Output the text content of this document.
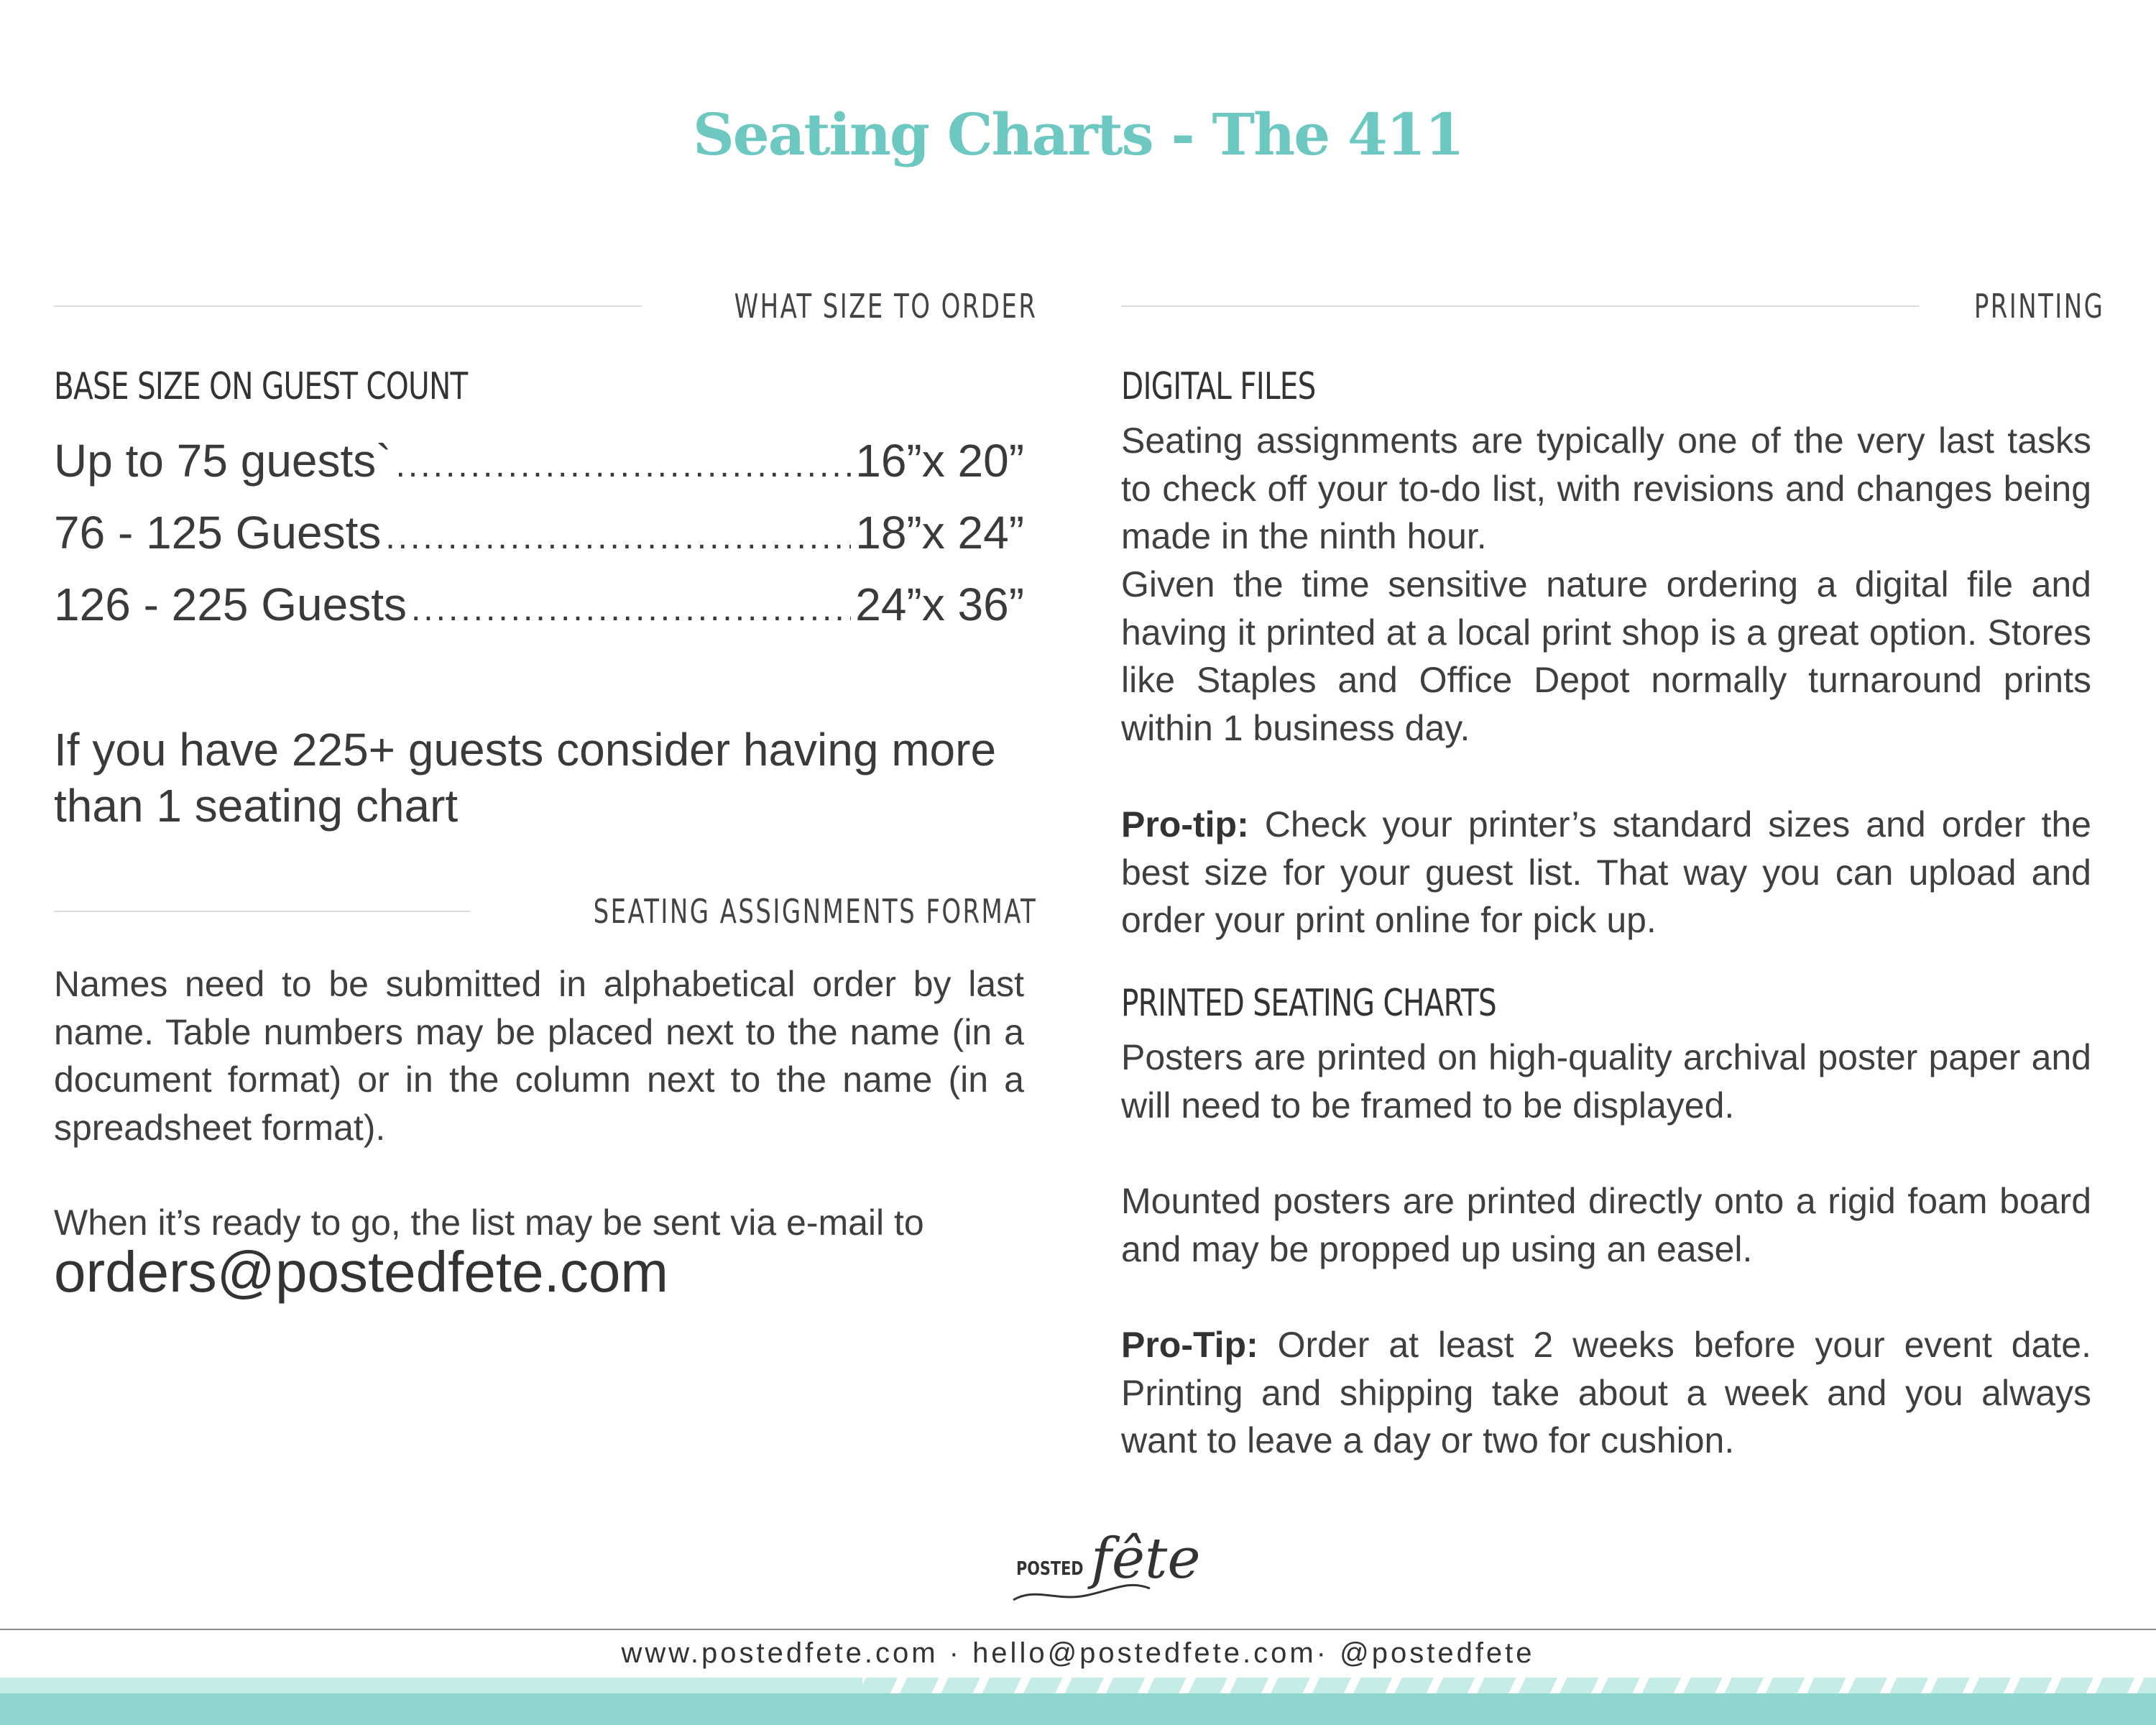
Seating Charts - The 411
WHAT SIZE TO ORDER
BASE SIZE ON GUEST COUNT
Up to 75 guests` .....	16”x 20”
76 - 125 Guests .....	18”x 24”
126 - 225 Guests .....	24”x 36”

If you have 225+ guests consider having more than 1 seating chart

SEATING ASSIGNMENTS FORMAT

Names need to be submitted in alphabetical order by last name. Table numbers may be placed next to the name (in a document format) or in the column next to the name (in a spreadsheet format).

When it’s ready to go, the list may be sent via e-mail to

orders@postedfete.com
PRINTING
DIGITAL FILES

Seating assignments are typically one of the very last tasks to check off your to-do list, with revisions and changes being made in the ninth hour.

Given the time sensitive nature ordering a digital file and having it printed at a local print shop is a great option. Stores like Staples and Office Depot normally turnaround prints within 1 business day.

Pro-tip: Check your printer’s standard sizes and order the best size for your guest list. That way you can upload and order your print online for pick up.

PRINTED SEATING CHARTS

Posters are printed on high-quality archival poster paper and will need to be framed to be displayed.

Mounted posters are printed directly onto a rigid foam board and may be propped up using an easel.

Pro-Tip: Order at least 2 weeks before your event date. Printing and shipping take about a week and you always want to leave a day or two for cushion.

POSTED fête
www.postedfete.com · hello@postedfete.com· @postedfete
